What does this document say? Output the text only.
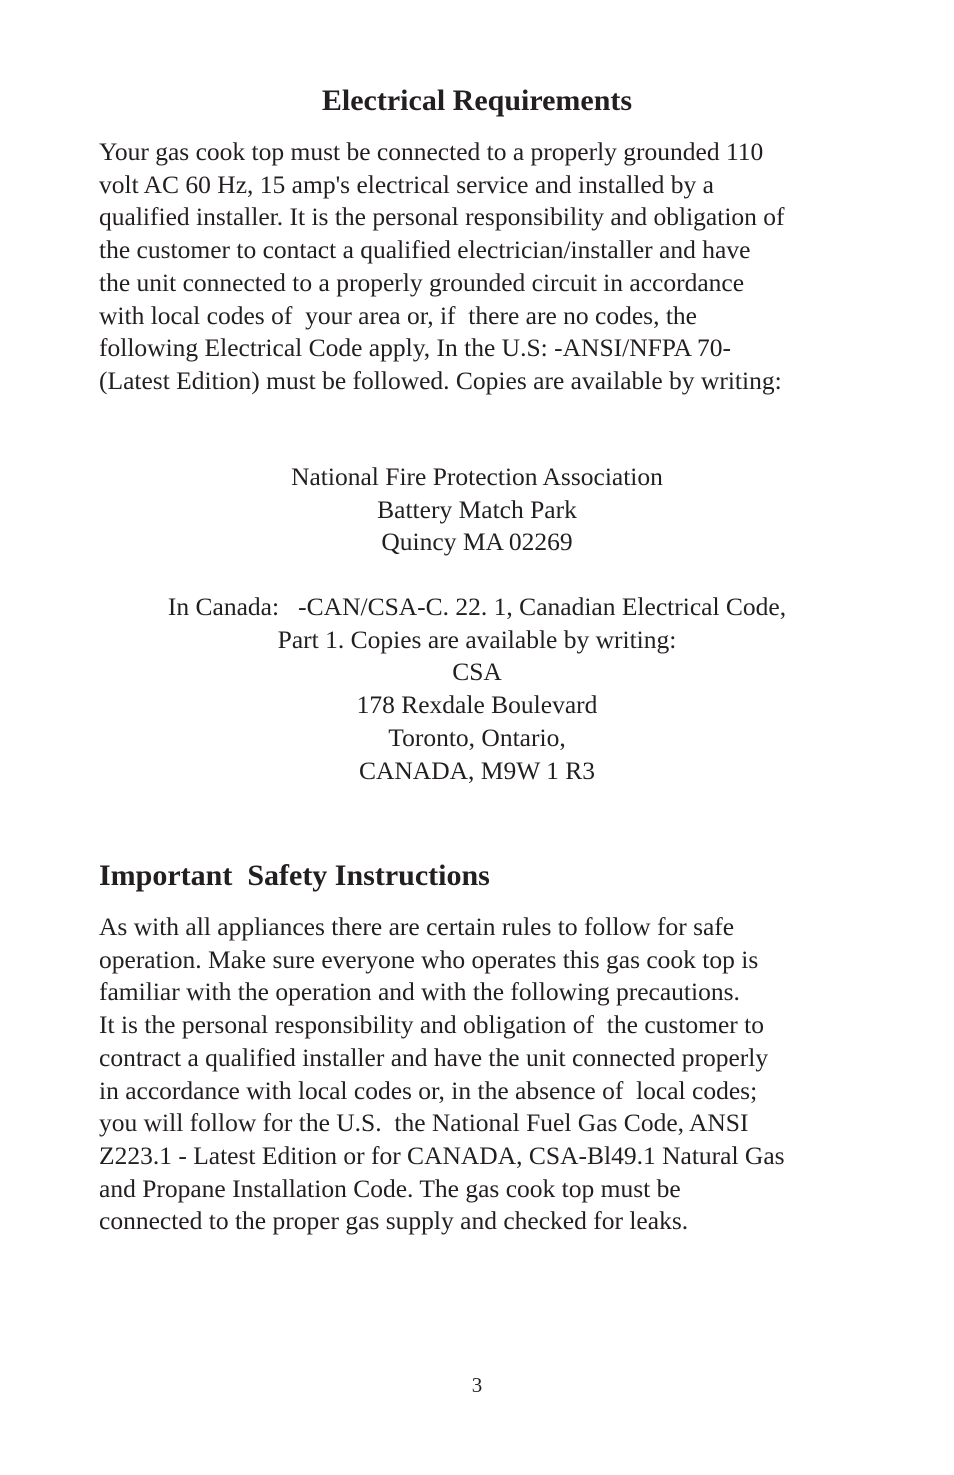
Electrical Requirements

Your gas cook top must be connected to a properly grounded 110
volt AC 60 Hz, 15 amp's electrical service and installed by a
qualified installer. It is the personal responsibility and obligation of
the customer to contact a qualified electrician/installer and have
the unit connected to a properly grounded circuit in accordance
with local codes of  your area or, if  there are no codes, the
following Electrical Code apply, In the U.S: -ANSI/NFPA 70-
(Latest Edition) must be followed. Copies are available by writing:

National Fire Protection Association
Battery Match Park
Quincy MA 02269
In Canada:   -CAN/CSA-C. 22. 1, Canadian Electrical Code,
Part 1. Copies are available by writing:
CSA
178 Rexdale Boulevard
Toronto, Ontario,
CANADA, M9W 1 R3
Important  Safety Instructions

As with all appliances there are certain rules to follow for safe
operation. Make sure everyone who operates this gas cook top is
familiar with the operation and with the following precautions.
It is the personal responsibility and obligation of  the customer to
contract a qualified installer and have the unit connected properly
in accordance with local codes or, in the absence of  local codes;
you will follow for the U.S.  the National Fuel Gas Code, ANSI
Z223.1 - Latest Edition or for CANADA, CSA-Bl49.1 Natural Gas
and Propane Installation Code. The gas cook top must be
connected to the proper gas supply and checked for leaks.

3
